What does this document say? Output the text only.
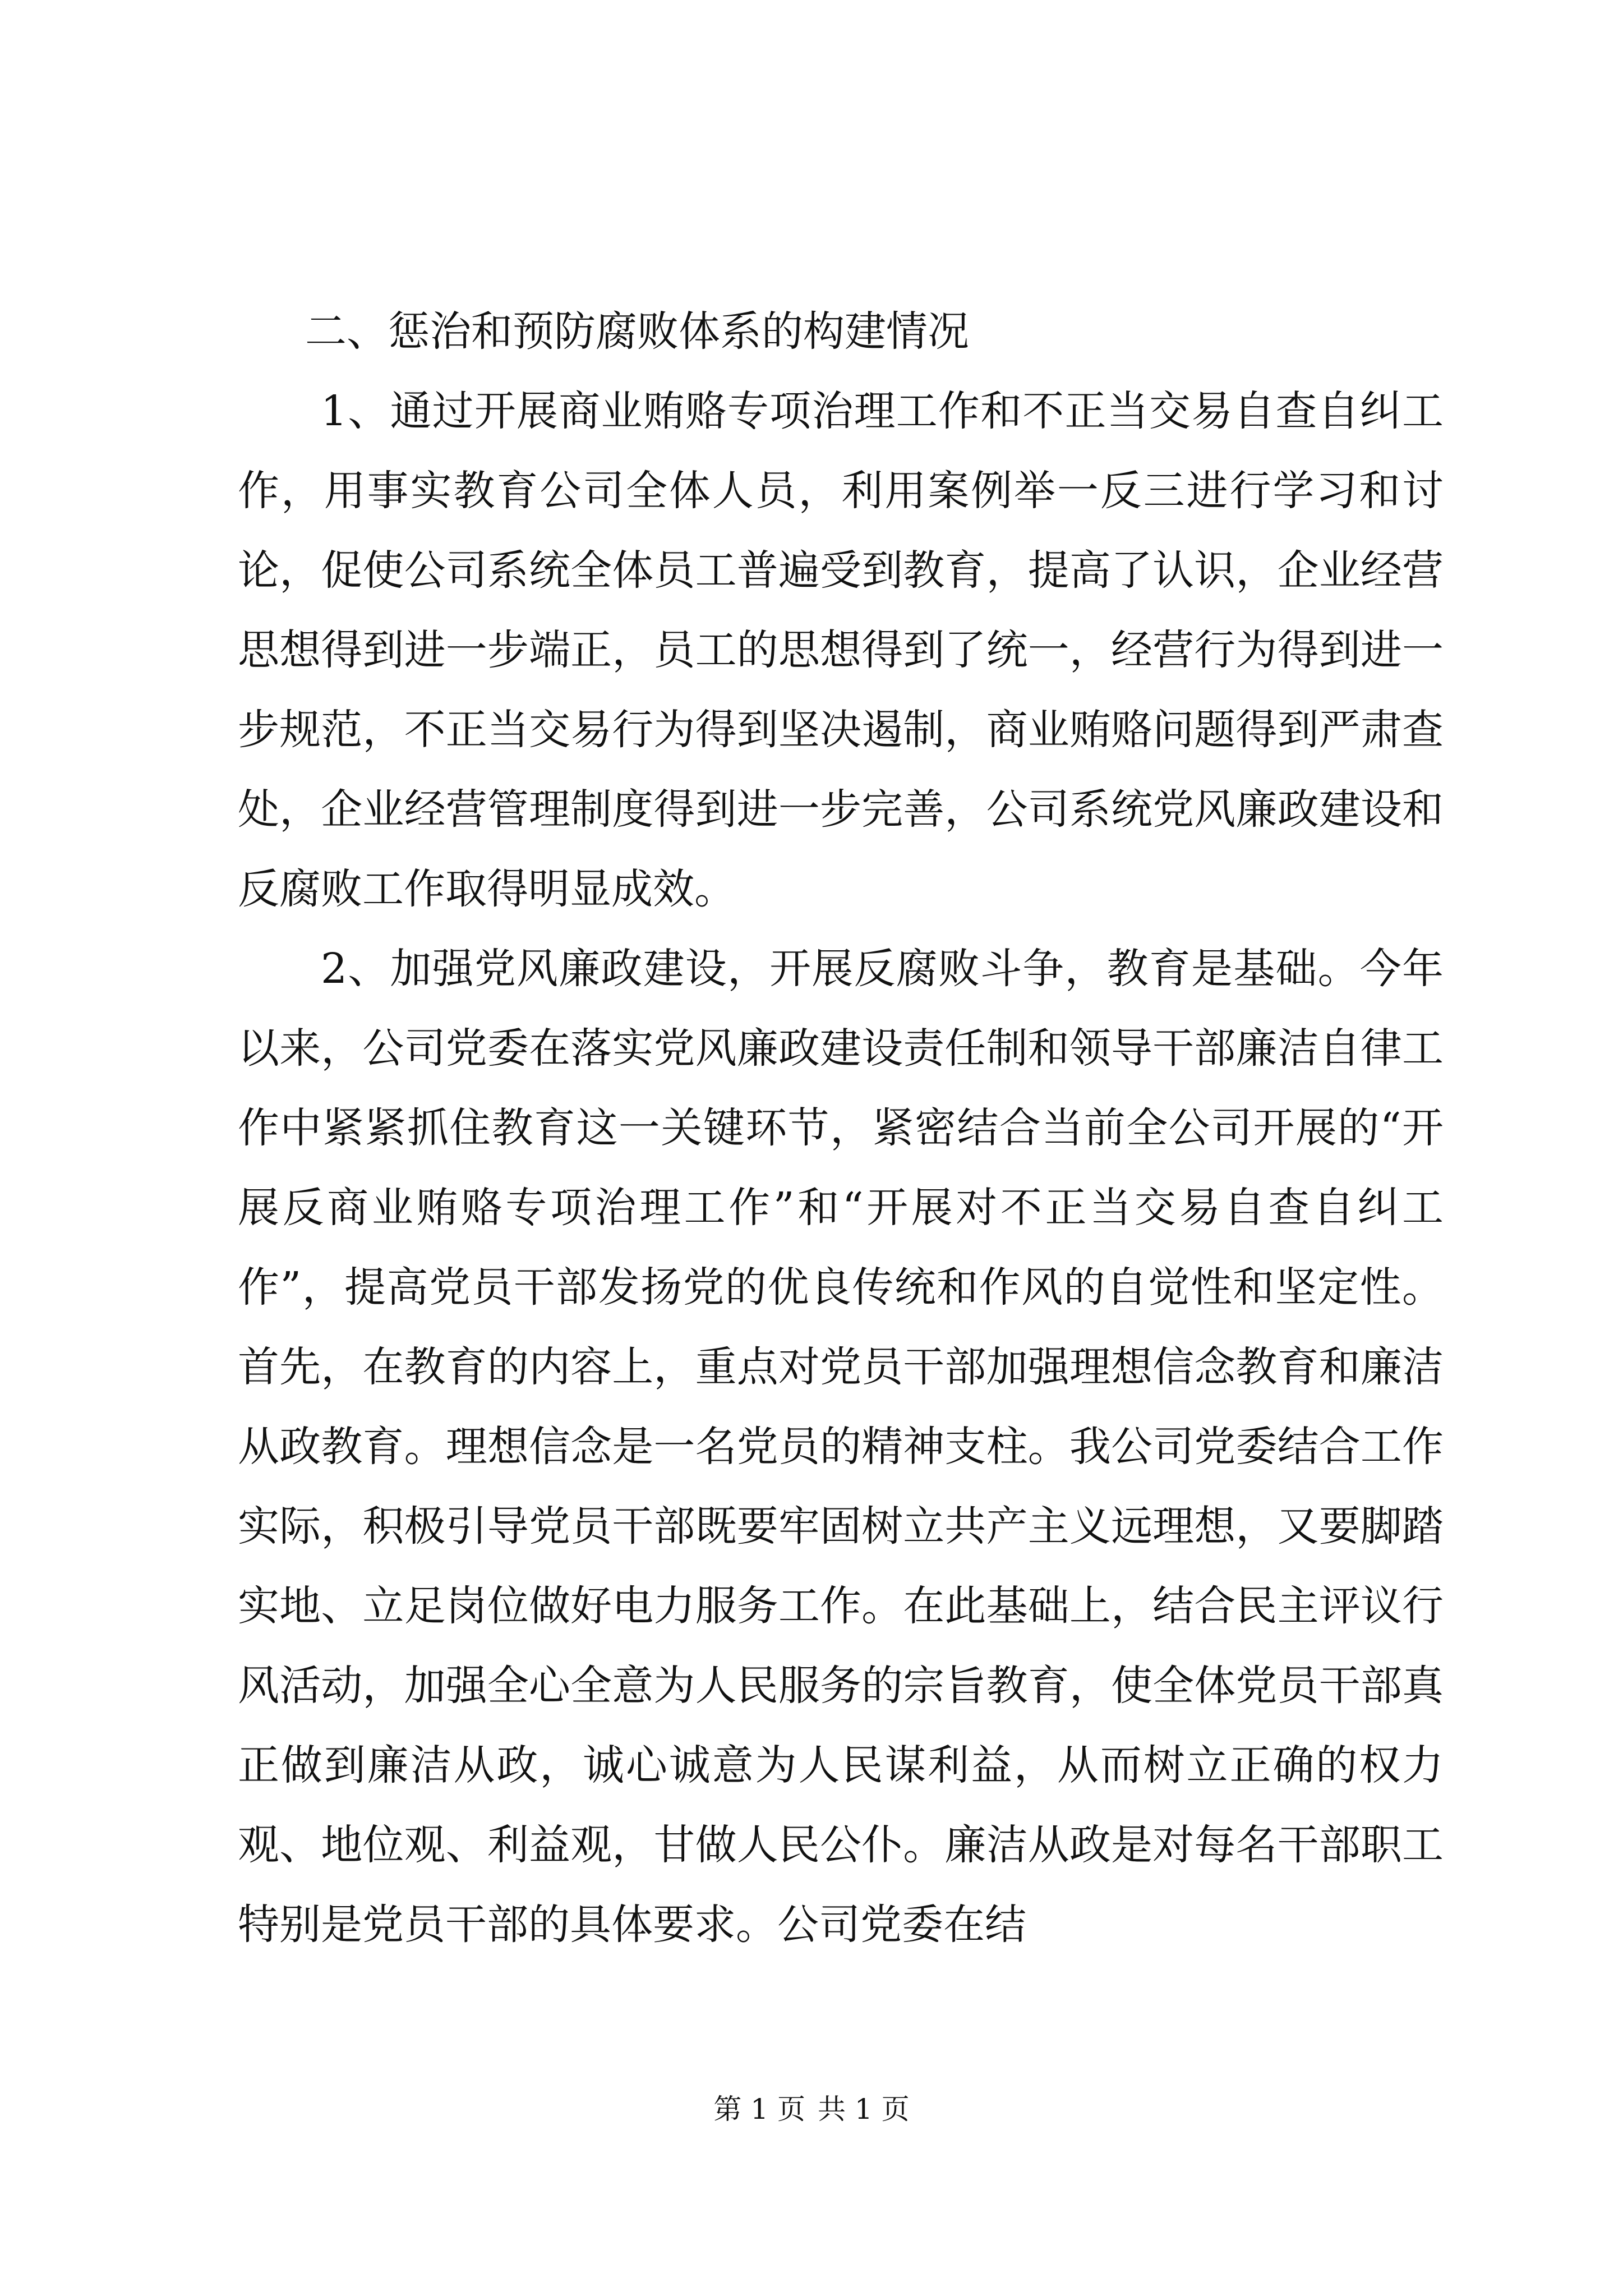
二、惩治和预防腐败体系的构建情况

1、通过开展商业贿赂专项治理工作和不正当交易自查自纠工作，用事实教育公司全体人员，利用案例举一反三进行学习和讨论，促使公司系统全体员工普遍受到教育，提高了认识，企业经营思想得到进一步端正，员工的思想得到了统一，经营行为得到进一步规范，不正当交易行为得到坚决遏制，商业贿赂问题得到严肃查处，企业经营管理制度得到进一步完善，公司系统党风廉政建设和反腐败工作取得明显成效。

2、加强党风廉政建设，开展反腐败斗争，教育是基础。今年以来，公司党委在落实党风廉政建设责任制和领导干部廉洁自律工作中紧紧抓住教育这一关键环节，紧密结合当前全公司开展的“开展反商业贿赂专项治理工作”和“开展对不正当交易自查自纠工作”，提高党员干部发扬党的优良传统和作风的自觉性和坚定性。首先，在教育的内容上，重点对党员干部加强理想信念教育和廉洁从政教育。理想信念是一名党员的精神支柱。我公司党委结合工作实际，积极引导党员干部既要牢固树立共产主义远理想，又要脚踏实地、立足岗位做好电力服务工作。在此基础上，结合民主评议行风活动，加强全心全意为人民服务的宗旨教育，使全体党员干部真正做到廉洁从政，诚心诚意为人民谋利益，从而树立正确的权力观、地位观、利益观，甘做人民公仆。廉洁从政是对每名干部职工特别是党员干部的具体要求。公司党委在结

第 1 页 共 1 页
